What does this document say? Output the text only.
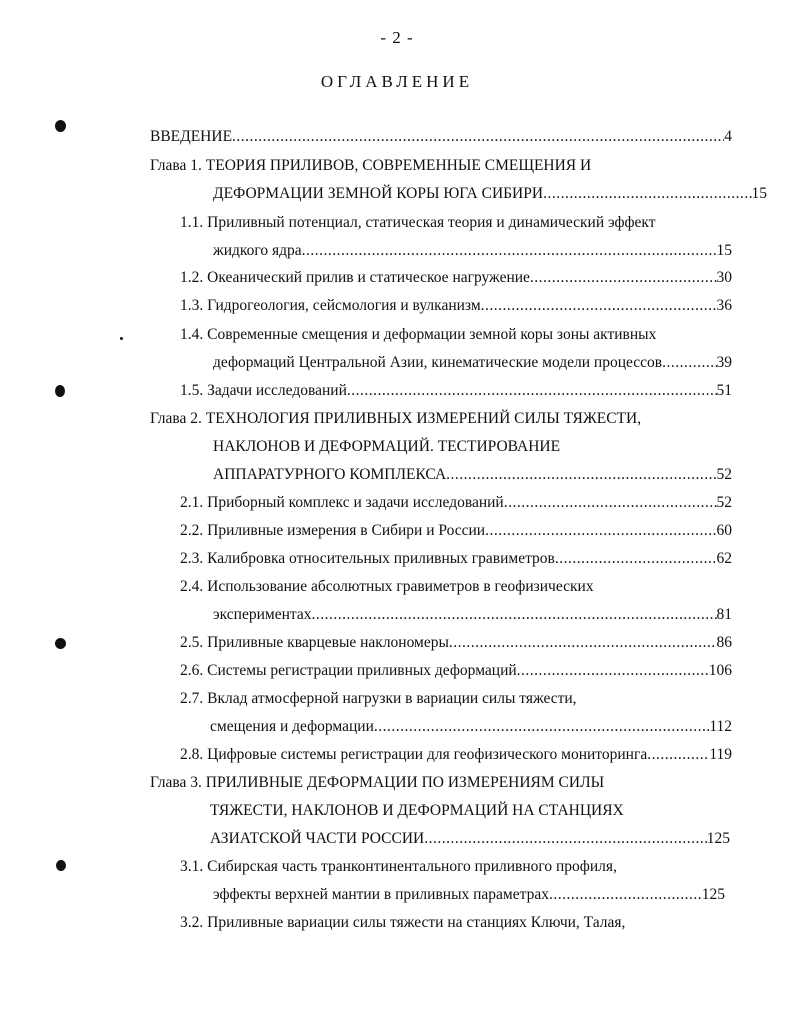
- 2 -
ОГЛАВЛЕНИЕ
ВВЕДЕНИЕ .....	4
Глава 1. ТЕОРИЯ ПРИЛИВОВ, СОВРЕМЕННЫЕ СМЕЩЕНИЯ И
ДЕФОРМАЦИИ ЗЕМНОЙ КОРЫ ЮГА СИБИРИ .....	15
1.1. Приливный потенциал, статическая теория и динамический эффект
жидкого ядра .....	15
1.2. Океанический прилив и статическое нагружение .....	30
1.3. Гидрогеология, сейсмология и вулканизм .....	36
1.4. Современные смещения и деформации земной коры зоны активных
деформаций Центральной Азии, кинематические модели процессов .....	39
1.5. Задачи исследований .....	51
Глава 2. ТЕХНОЛОГИЯ ПРИЛИВНЫХ ИЗМЕРЕНИЙ СИЛЫ ТЯЖЕСТИ,
НАКЛОНОВ И ДЕФОРМАЦИЙ. ТЕСТИРОВАНИЕ
АППАРАТУРНОГО КОМПЛЕКСА .....	52
2.1. Приборный комплекс и задачи исследований .....	52
2.2. Приливные измерения в Сибири и России .....	60
2.3. Калибровка относительных приливных гравиметров .....	62
2.4. Использование абсолютных гравиметров в геофизических
экспериментах .....	81
2.5. Приливные кварцевые наклономеры .....	86
2.6. Системы регистрации приливных деформаций .....	106
2.7. Вклад атмосферной нагрузки в вариации силы тяжести,
смещения и деформации .....	112
2.8. Цифровые системы регистрации для геофизического мониторинга .....	119
Глава 3. ПРИЛИВНЫЕ ДЕФОРМАЦИИ ПО ИЗМЕРЕНИЯМ СИЛЫ
ТЯЖЕСТИ, НАКЛОНОВ И ДЕФОРМАЦИЙ НА СТАНЦИЯХ
АЗИАТСКОЙ ЧАСТИ РОССИИ .....	125
3.1. Сибирская часть транконтинентального приливного профиля,
эффекты верхней мантии в приливных параметрах .....	125
3.2. Приливные вариации силы тяжести на станциях Ключи, Талая,
